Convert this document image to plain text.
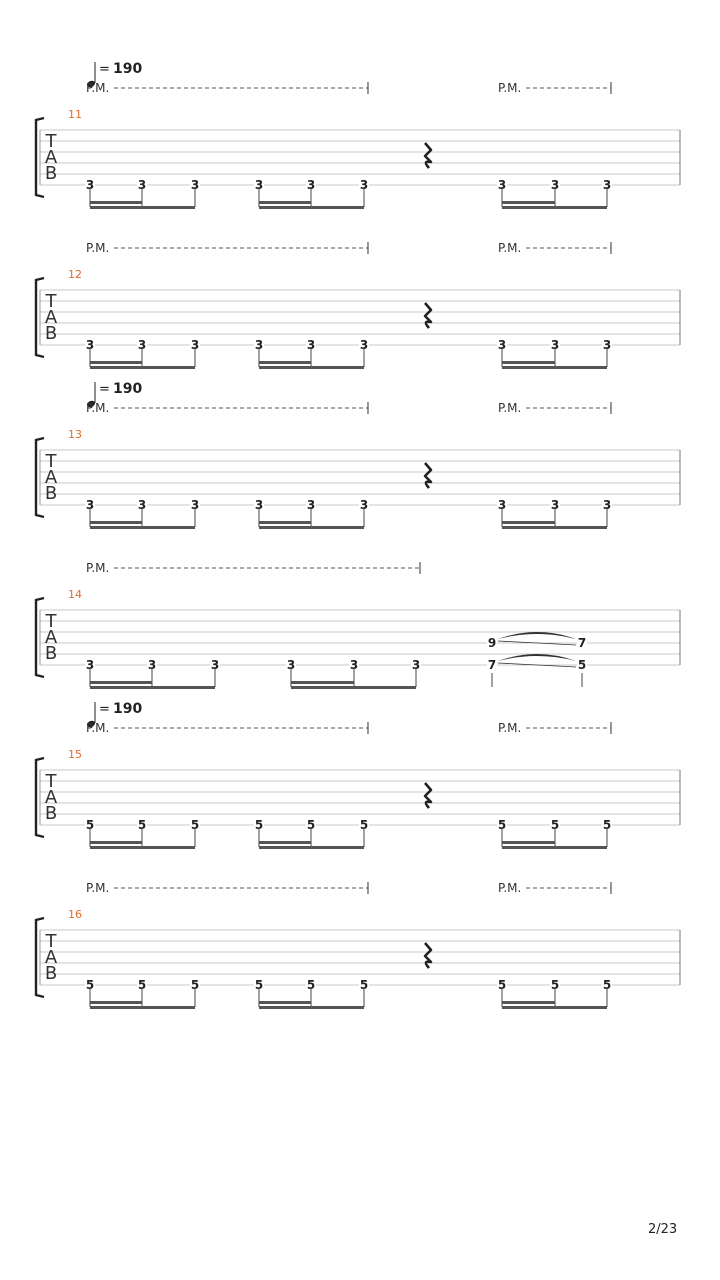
= 190
P.M.	P.M.
11
T
A
B
3	3	3	3	3	3	3	3	3
P.M.	P.M.
12
T
A
B
3	3	3	3	3	3	3	3	3
= 190
P.M.	P.M.
13
T
A
B
3	3	3	3	3	3	3	3	3
P.M.
14
T
A
B
3	3	3	3	3	3
9
7
7
5
= 190
P.M.	P.M.
15
T
A
B
5	5	5	5	5	5	5	5	5
P.M.	P.M.
16
T
A
B
5	5	5	5	5	5	5	5	5
2/23
